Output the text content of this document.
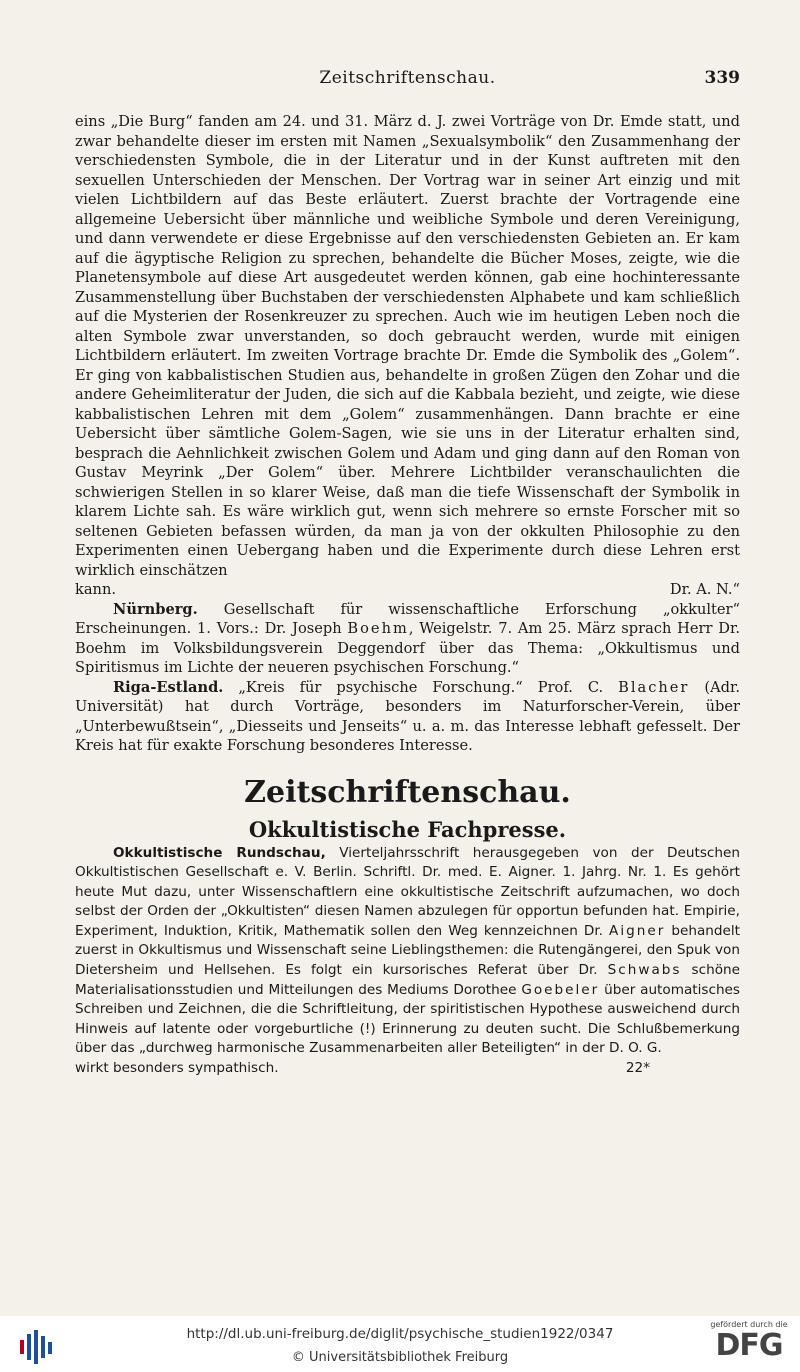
Zeitschriftenschau.	339

eins „Die Burg“ fanden am 24. und 31. März d. J. zwei Vorträge von Dr. Emde statt, und zwar behandelte dieser im ersten mit Namen „Sexualsymbolik“ den Zusammenhang der verschiedensten Symbole, die in der Literatur und in der Kunst auftreten mit den sexuellen Unterschieden der Menschen. Der Vortrag war in seiner Art einzig und mit vielen Lichtbildern auf das Beste erläutert. Zuerst brachte der Vortragende eine allgemeine Uebersicht über männliche und weibliche Symbole und deren Vereinigung, und dann verwendete er diese Ergebnisse auf den verschiedensten Gebieten an. Er kam auf die ägyptische Religion zu sprechen, behandelte die Bücher Moses, zeigte, wie die Planetensymbole auf diese Art ausgedeutet werden können, gab eine hochinteressante Zusammenstellung über Buchstaben der verschiedensten Alphabete und kam schließlich auf die Mysterien der Rosenkreuzer zu sprechen. Auch wie im heutigen Leben noch die alten Symbole zwar unverstanden, so doch gebraucht werden, wurde mit einigen Lichtbildern erläutert. Im zweiten Vortrage brachte Dr. Emde die Symbolik des „Golem“. Er ging von kabbalistischen Studien aus, behandelte in großen Zügen den Zohar und die andere Geheimliteratur der Juden, die sich auf die Kabbala bezieht, und zeigte, wie diese kabbalistischen Lehren mit dem „Golem“ zusammenhängen. Dann brachte er eine Uebersicht über sämtliche Golem-Sagen, wie sie uns in der Literatur erhalten sind, besprach die Aehnlichkeit zwischen Golem und Adam und ging dann auf den Roman von Gustav Meyrink „Der Golem“ über. Mehrere Lichtbilder veranschaulichten die schwierigen Stellen in so klarer Weise, daß man die tiefe Wissenschaft der Symbolik in klarem Lichte sah. Es wäre wirklich gut, wenn sich mehrere so ernste Forscher mit so seltenen Gebieten befassen würden, da man ja von der okkulten Philosophie zu den Experimenten einen Uebergang haben und die Experimente durch diese Lehren erst wirklich einschätzen

kann.	Dr. A. N.“

Nürnberg. Gesellschaft für wissenschaftliche Erforschung „okkulter“ Erscheinungen. 1. Vors.: Dr. Joseph Boehm, Weigelstr. 7. Am 25. März sprach Herr Dr. Boehm im Volksbildungsverein Deggendorf über das Thema: „Okkultismus und Spiritismus im Lichte der neueren psychischen Forschung.“

Riga-Estland. „Kreis für psychische Forschung.“ Prof. C. Blacher (Adr. Universität) hat durch Vorträge, besonders im Naturforscher-Verein, über „Unterbewußtsein“, „Diesseits und Jenseits“ u. a. m. das Interesse lebhaft gefesselt. Der Kreis hat für exakte Forschung besonderes Interesse.

Zeitschriftenschau.
Okkultistische Fachpresse.

Okkultistische Rundschau, Vierteljahrsschrift herausgegeben von der Deutschen Okkultistischen Gesellschaft e. V. Berlin. Schriftl. Dr. med. E. Aigner. 1. Jahrg. Nr. 1. Es gehört heute Mut dazu, unter Wissenschaftlern eine okkultistische Zeitschrift aufzumachen, wo doch selbst der Orden der „Okkultisten“ diesen Namen abzulegen für opportun befunden hat. Empirie, Experiment, Induktion, Kritik, Mathematik sollen den Weg kennzeichnen Dr. Aigner behandelt zuerst in Okkultismus und Wissenschaft seine Lieblingsthemen: die Rutengängerei, den Spuk von Dietersheim und Hellsehen. Es folgt ein kursorisches Referat über Dr. Schwabs schöne Materialisationsstudien und Mitteilungen des Mediums Dorothee Goebeler über automatisches Schreiben und Zeichnen, die die Schriftleitung, der spiritistischen Hypothese ausweichend durch Hinweis auf latente oder vorgeburtliche (!) Erinnerung zu deuten sucht. Die Schlußbemerkung über das „durchweg harmonische Zusammenarbeiten aller Beteiligten“ in der D. O. G.

wirkt besonders sympathisch.	22*
http://dl.ub.uni-freiburg.de/diglit/psychische_studien1922/0347
© Universitätsbibliothek Freiburg
gefördert durch die
DFG
